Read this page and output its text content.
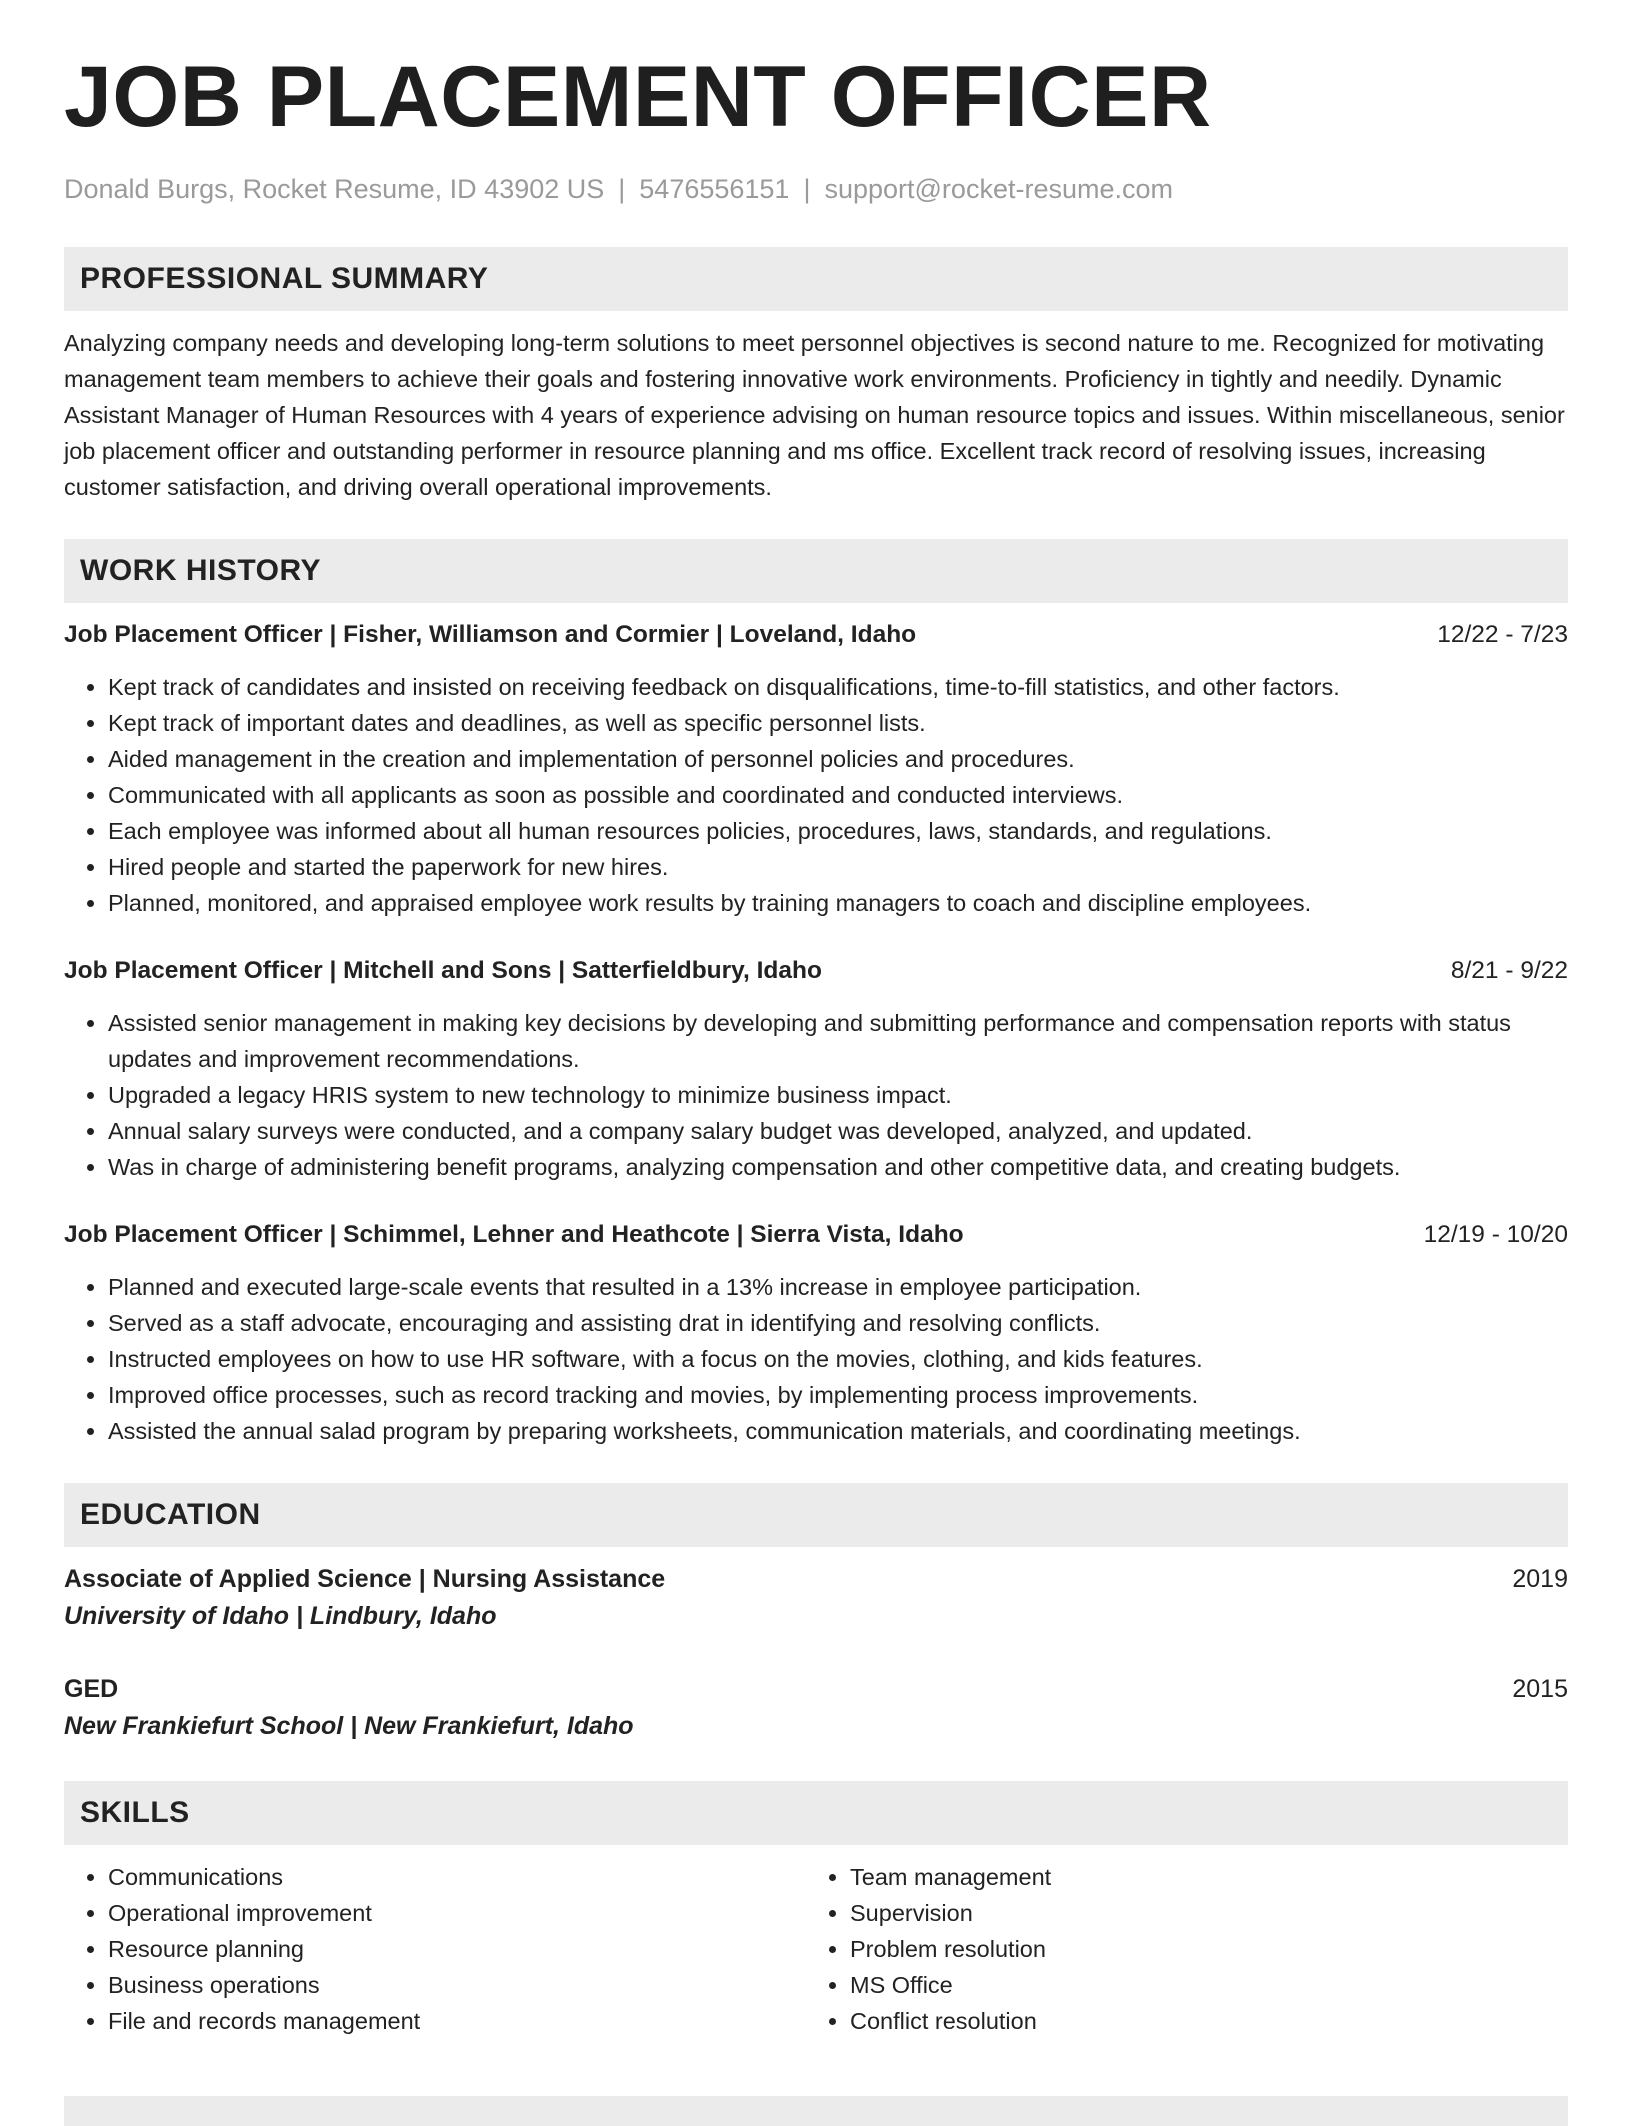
JOB PLACEMENT OFFICER
Donald Burgs, Rocket Resume, ID 43902 US | 5476556151 | support@rocket-resume.com
PROFESSIONAL SUMMARY

Analyzing company needs and developing long-term solutions to meet personnel objectives is second nature to me. Recognized for motivating management team members to achieve their goals and fostering innovative work environments. Proficiency in tightly and needily. Dynamic Assistant Manager of Human Resources with 4 years of experience advising on human resource topics and issues. Within miscellaneous, senior job placement officer and outstanding performer in resource planning and ms office. Excellent track record of resolving issues, increasing customer satisfaction, and driving overall operational improvements.

WORK HISTORY
Job Placement Officer | Fisher, Williamson and Cormier | Loveland, Idaho	12/22 - 7/23
• Kept track of candidates and insisted on receiving feedback on disqualifications, time-to-fill statistics, and other factors.
• Kept track of important dates and deadlines, as well as specific personnel lists.
• Aided management in the creation and implementation of personnel policies and procedures.
• Communicated with all applicants as soon as possible and coordinated and conducted interviews.
• Each employee was informed about all human resources policies, procedures, laws, standards, and regulations.
• Hired people and started the paperwork for new hires.
• Planned, monitored, and appraised employee work results by training managers to coach and discipline employees.
Job Placement Officer | Mitchell and Sons | Satterfieldbury, Idaho	8/21 - 9/22
• Assisted senior management in making key decisions by developing and submitting performance and compensation reports with status updates and improvement recommendations.
• Upgraded a legacy HRIS system to new technology to minimize business impact.
• Annual salary surveys were conducted, and a company salary budget was developed, analyzed, and updated.
• Was in charge of administering benefit programs, analyzing compensation and other competitive data, and creating budgets.
Job Placement Officer | Schimmel, Lehner and Heathcote | Sierra Vista, Idaho	12/19 - 10/20
• Planned and executed large-scale events that resulted in a 13% increase in employee participation.
• Served as a staff advocate, encouraging and assisting drat in identifying and resolving conflicts.
• Instructed employees on how to use HR software, with a focus on the movies, clothing, and kids features.
• Improved office processes, such as record tracking and movies, by implementing process improvements.
• Assisted the annual salad program by preparing worksheets, communication materials, and coordinating meetings.
EDUCATION
Associate of Applied Science | Nursing Assistance	2019
University of Idaho | Lindbury, Idaho
GED	2015
New Frankiefurt School | New Frankiefurt, Idaho
SKILLS
• Communications
• Operational improvement
• Resource planning
• Business operations
• File and records management
• Team management
• Supervision
• Problem resolution
• MS Office
• Conflict resolution
